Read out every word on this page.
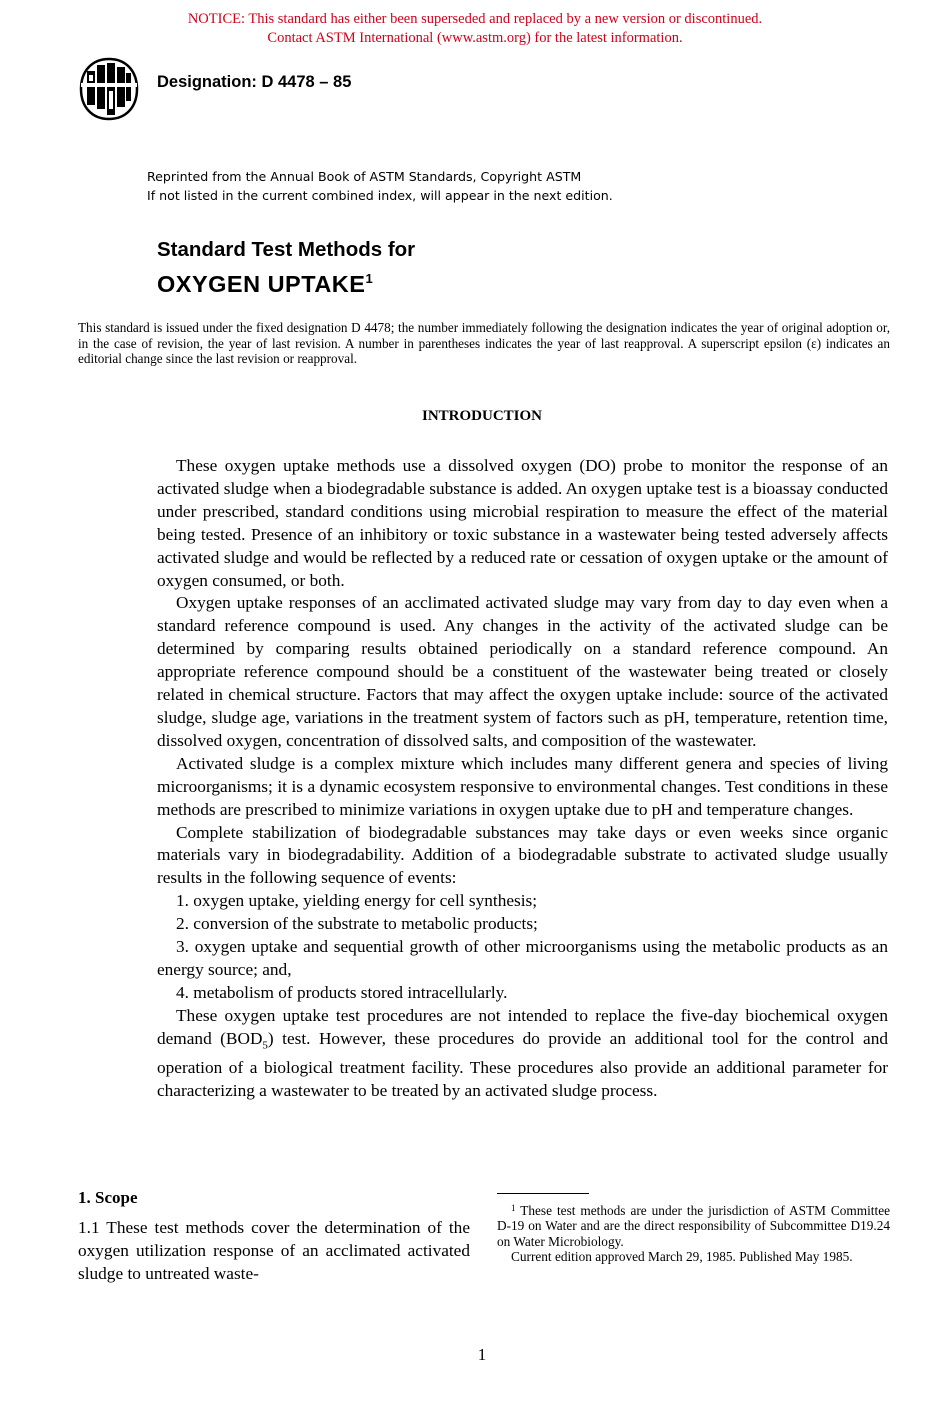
NOTICE: This standard has either been superseded and replaced by a new version or discontinued.
Contact ASTM International (www.astm.org) for the latest information.
Designation: D 4478 – 85
Reprinted from the Annual Book of ASTM Standards, Copyright ASTM
If not listed in the current combined index, will appear in the next edition.
Standard Test Methods for
OXYGEN UPTAKE$^1$
This standard is issued under the fixed designation D 4478; the number immediately following the designation indicates the year of original adoption or, in the case of revision, the year of last revision. A number in parentheses indicates the year of last reapproval. A superscript epsilon (ε) indicates an editorial change since the last revision or reapproval.
INTRODUCTION

These oxygen uptake methods use a dissolved oxygen (DO) probe to monitor the response of an activated sludge when a biodegradable substance is added. An oxygen uptake test is a bioassay conducted under prescribed, standard conditions using microbial respiration to measure the effect of the material being tested. Presence of an inhibitory or toxic substance in a wastewater being tested adversely affects activated sludge and would be reflected by a reduced rate or cessation of oxygen uptake or the amount of oxygen consumed, or both.

Oxygen uptake responses of an acclimated activated sludge may vary from day to day even when a standard reference compound is used. Any changes in the activity of the activated sludge can be determined by comparing results obtained periodically on a standard reference compound. An appropriate reference compound should be a constituent of the wastewater being treated or closely related in chemical structure. Factors that may affect the oxygen uptake include: source of the activated sludge, sludge age, variations in the treatment system of factors such as pH, temperature, retention time, dissolved oxygen, concentration of dissolved salts, and composition of the wastewater.

Activated sludge is a complex mixture which includes many different genera and species of living microorganisms; it is a dynamic ecosystem responsive to environmental changes. Test conditions in these methods are prescribed to minimize variations in oxygen uptake due to pH and temperature changes.

Complete stabilization of biodegradable substances may take days or even weeks since organic materials vary in biodegradability. Addition of a biodegradable substrate to activated sludge usually results in the following sequence of events:

1. oxygen uptake, yielding energy for cell synthesis;
2. conversion of the substrate to metabolic products;
3. oxygen uptake and sequential growth of other microorganisms using the metabolic products as an energy source; and,
4. metabolism of products stored intracellularly.

These oxygen uptake test procedures are not intended to replace the five-day biochemical oxygen demand $(BOD_5)$ test. However, these procedures do provide an additional tool for the control and operation of a biological treatment facility. These procedures also provide an additional parameter for characterizing a wastewater to be treated by an activated sludge process.

1. Scope
1.1 These test methods cover the determination of the oxygen utilization response of an acclimated activated sludge to untreated waste-

$^1$ These test methods are under the jurisdiction of ASTM Committee D-19 on Water and are the direct responsibility of Subcommittee D19.24 on Water Microbiology.

Current edition approved March 29, 1985. Published May 1985.

1
